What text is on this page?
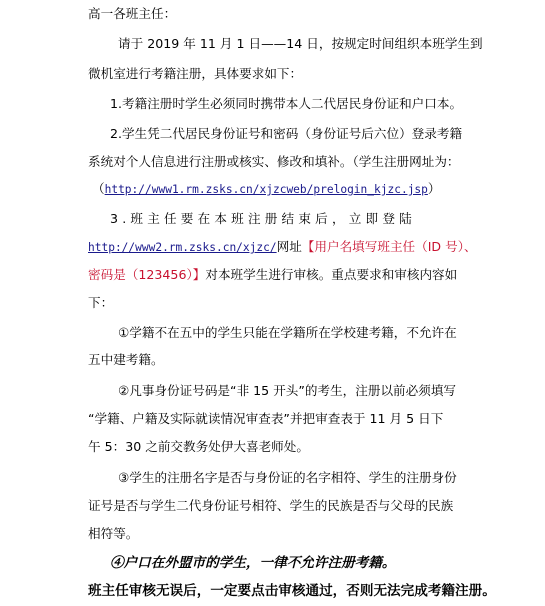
高一各班主任：
请于 2019 年 11 月 1 日——14 日，按规定时间组织本班学生到
微机室进行考籍注册，具体要求如下：
1.考籍注册时学生必须同时携带本人二代居民身份证和户口本。
2.学生凭二代居民身份证号和密码（身份证号后六位）登录考籍
系统对个人信息进行注册或核实、修改和填补。（学生注册网址为：
（http://www1.rm.zsks.cn/xjzcweb/prelogin_kjzc.jsp）
3.班主任要在本班注册结束后，立即登陆
http://www2.rm.zsks.cn/xjzc/网址【用户名填写班主任（ID 号）、
密码是（123456）】对本班学生进行审核。重点要求和审核内容如
下：
①学籍不在五中的学生只能在学籍所在学校建考籍，不允许在
五中建考籍。
②凡事身份证号码是“非 15 开头”的考生，注册以前必须填写
“学籍、户籍及实际就读情况审查表”并把审查表于 11 月 5 日下
午 5：30 之前交教务处伊大喜老师处。
③学生的注册名字是否与身份证的名字相符、学生的注册身份
证号是否与学生二代身份证号相符、学生的民族是否与父母的民族
相符等。
④户口在外盟市的学生，一律不允许注册考籍。
班主任审核无误后，一定要点击审核通过，否则无法完成考籍注册。
